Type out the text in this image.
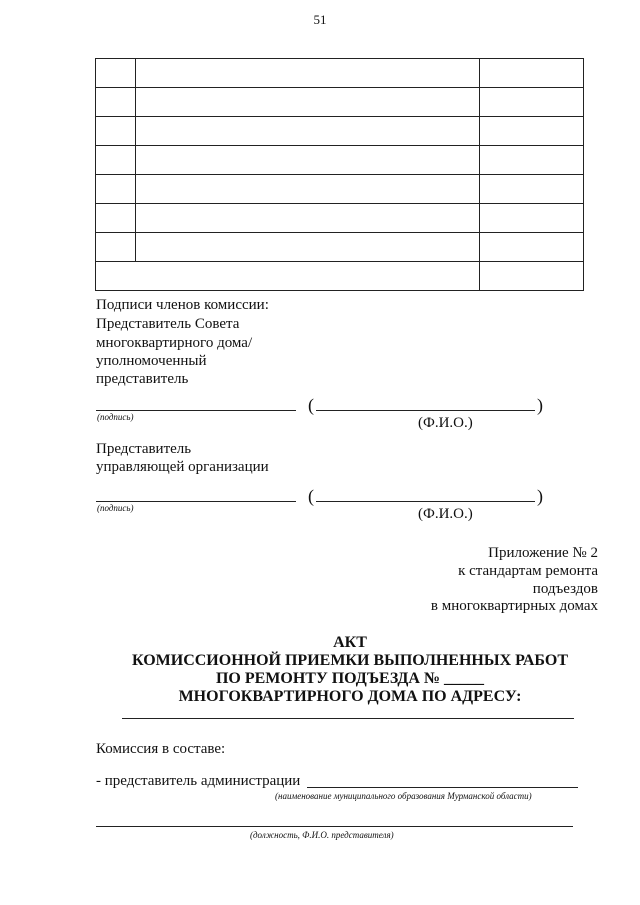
51

Подписи членов комиссии:
Представитель Совета
многоквартирного дома/
уполномоченный
представитель
(подпись)
(	)
(Ф.И.О.)
Представитель
управляющей организации
(подпись)
(	)
(Ф.И.О.)
Приложение № 2
к стандартам ремонта
подъездов
в многоквартирных домах
АКТ
КОМИССИОННОЙ ПРИЕМКИ ВЫПОЛНЕННЫХ РАБОТ
ПО РЕМОНТУ ПОДЪЕЗДА № _____
МНОГОКВАРТИРНОГО ДОМА ПО АДРЕСУ:
Комиссия в составе:
- представитель администрации
(наименование муниципального образования Мурманской области)
(должность, Ф.И.О. представителя)
